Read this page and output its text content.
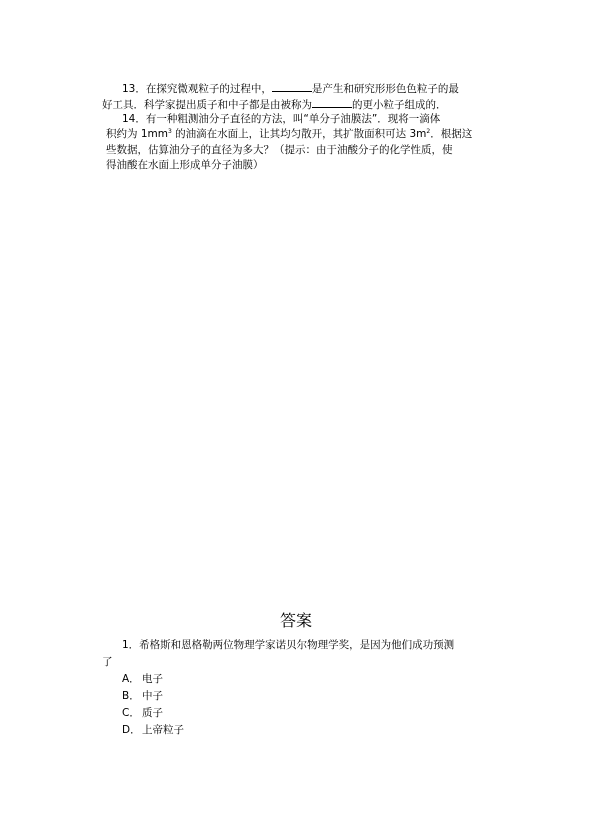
13．在探究微观粒子的过程中，	是产生和研究形形色色粒子的最
好工具．科学家提出质子和中子都是由被称为	的更小粒子组成的．
14．有一种粗测油分子直径的方法，叫“单分子油膜法”．现将一滴体
积约为 $1mm^3$ 的油滴在水面上，让其均匀散开，其扩散面积可达 $3m^2$．根据这
些数据，估算油分子的直径为多大？（提示：由于油酸分子的化学性质，使
得油酸在水面上形成单分子油膜）
答案
1．希格斯和恩格勒两位物理学家诺贝尔物理学奖，是因为他们成功预测
了
A． 电子
B． 中子
C． 质子
D．上帝粒子
